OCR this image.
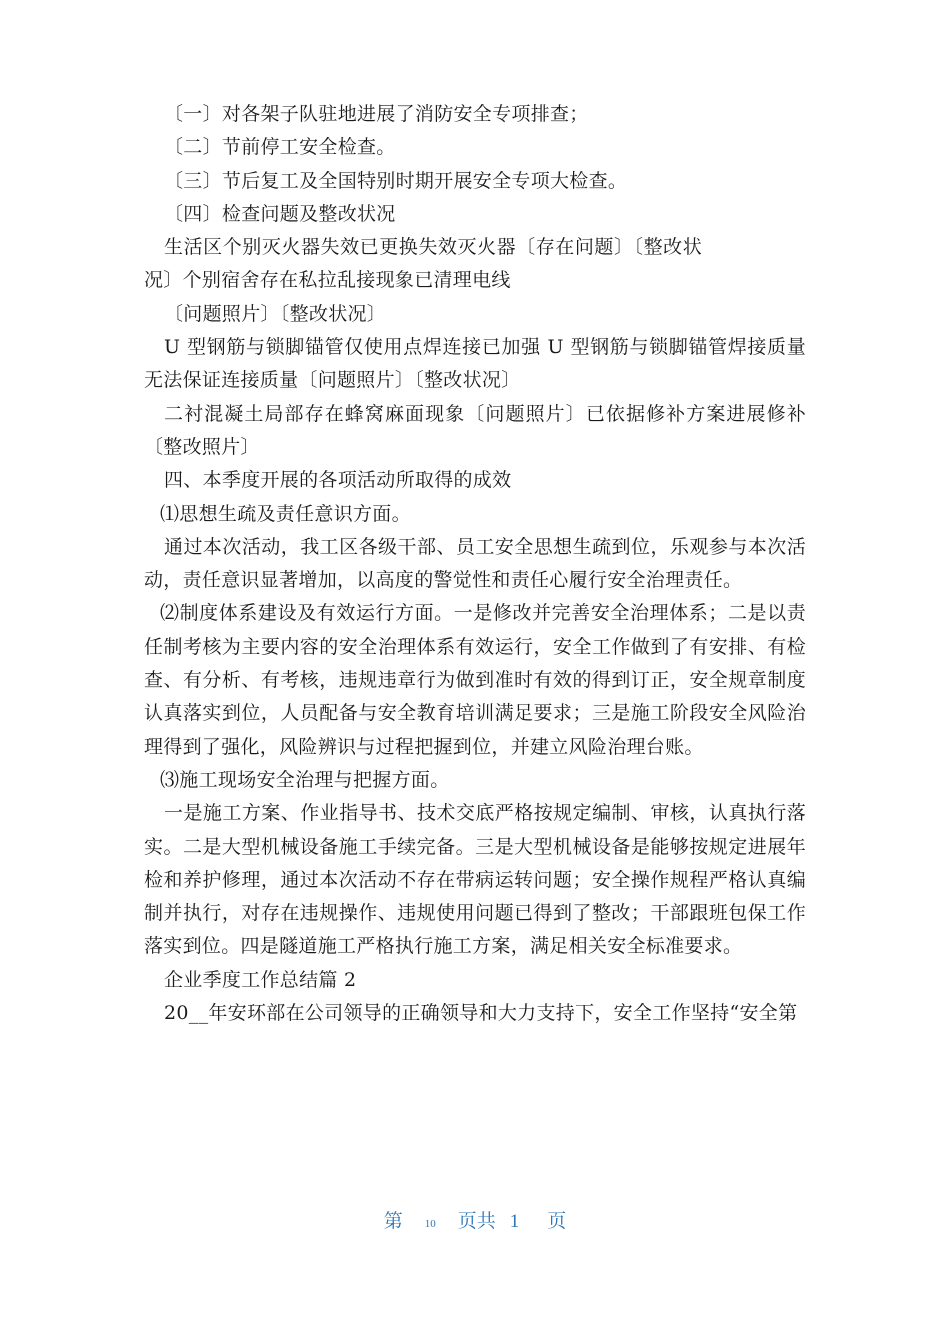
〔一〕对各架子队驻地进展了消防安全专项排查；

〔二〕节前停工安全检查。

〔三〕节后复工及全国特别时期开展安全专项大检查。

〔四〕检查问题及整改状况

生活区个别灭火器失效已更换失效灭火器〔存在问题〕〔整改状况〕个别宿舍存在私拉乱接现象已清理电线

〔问题照片〕〔整改状况〕

U 型钢筋与锁脚锚管仅使用点焊连接已加强 U 型钢筋与锁脚锚管焊接质量无法保证连接质量〔问题照片〕〔整改状况〕

二衬混凝土局部存在蜂窝麻面现象〔问题照片〕已依据修补方案进展修补〔整改照片〕

四、本季度开展的各项活动所取得的成效

⑴思想生疏及责任意识方面。

通过本次活动，我工区各级干部、员工安全思想生疏到位，乐观参与本次活动，责任意识显著增加，以高度的警觉性和责任心履行安全治理责任。

⑵制度体系建设及有效运行方面。一是修改并完善安全治理体系；二是以责任制考核为主要内容的安全治理体系有效运行，安全工作做到了有安排、有检查、有分析、有考核，违规违章行为做到准时有效的得到订正，安全规章制度认真落实到位，人员配备与安全教育培训满足要求；三是施工阶段安全风险治理得到了强化，风险辨识与过程把握到位，并建立风险治理台账。

⑶施工现场安全治理与把握方面。

一是施工方案、作业指导书、技术交底严格按规定编制、审核，认真执行落实。二是大型机械设备施工手续完备。三是大型机械设备是能够按规定进展年检和养护修理，通过本次活动不存在带病运转问题；安全操作规程严格认真编制并执行，对存在违规操作、违规使用问题已得到了整改；干部跟班包保工作落实到位。四是隧道施工严格执行施工方案，满足相关安全标准要求。

企业季度工作总结篇 2

20__年安环部在公司领导的正确领导和大力支持下，安全工作坚持“安全第

第 10 页共 1 页
